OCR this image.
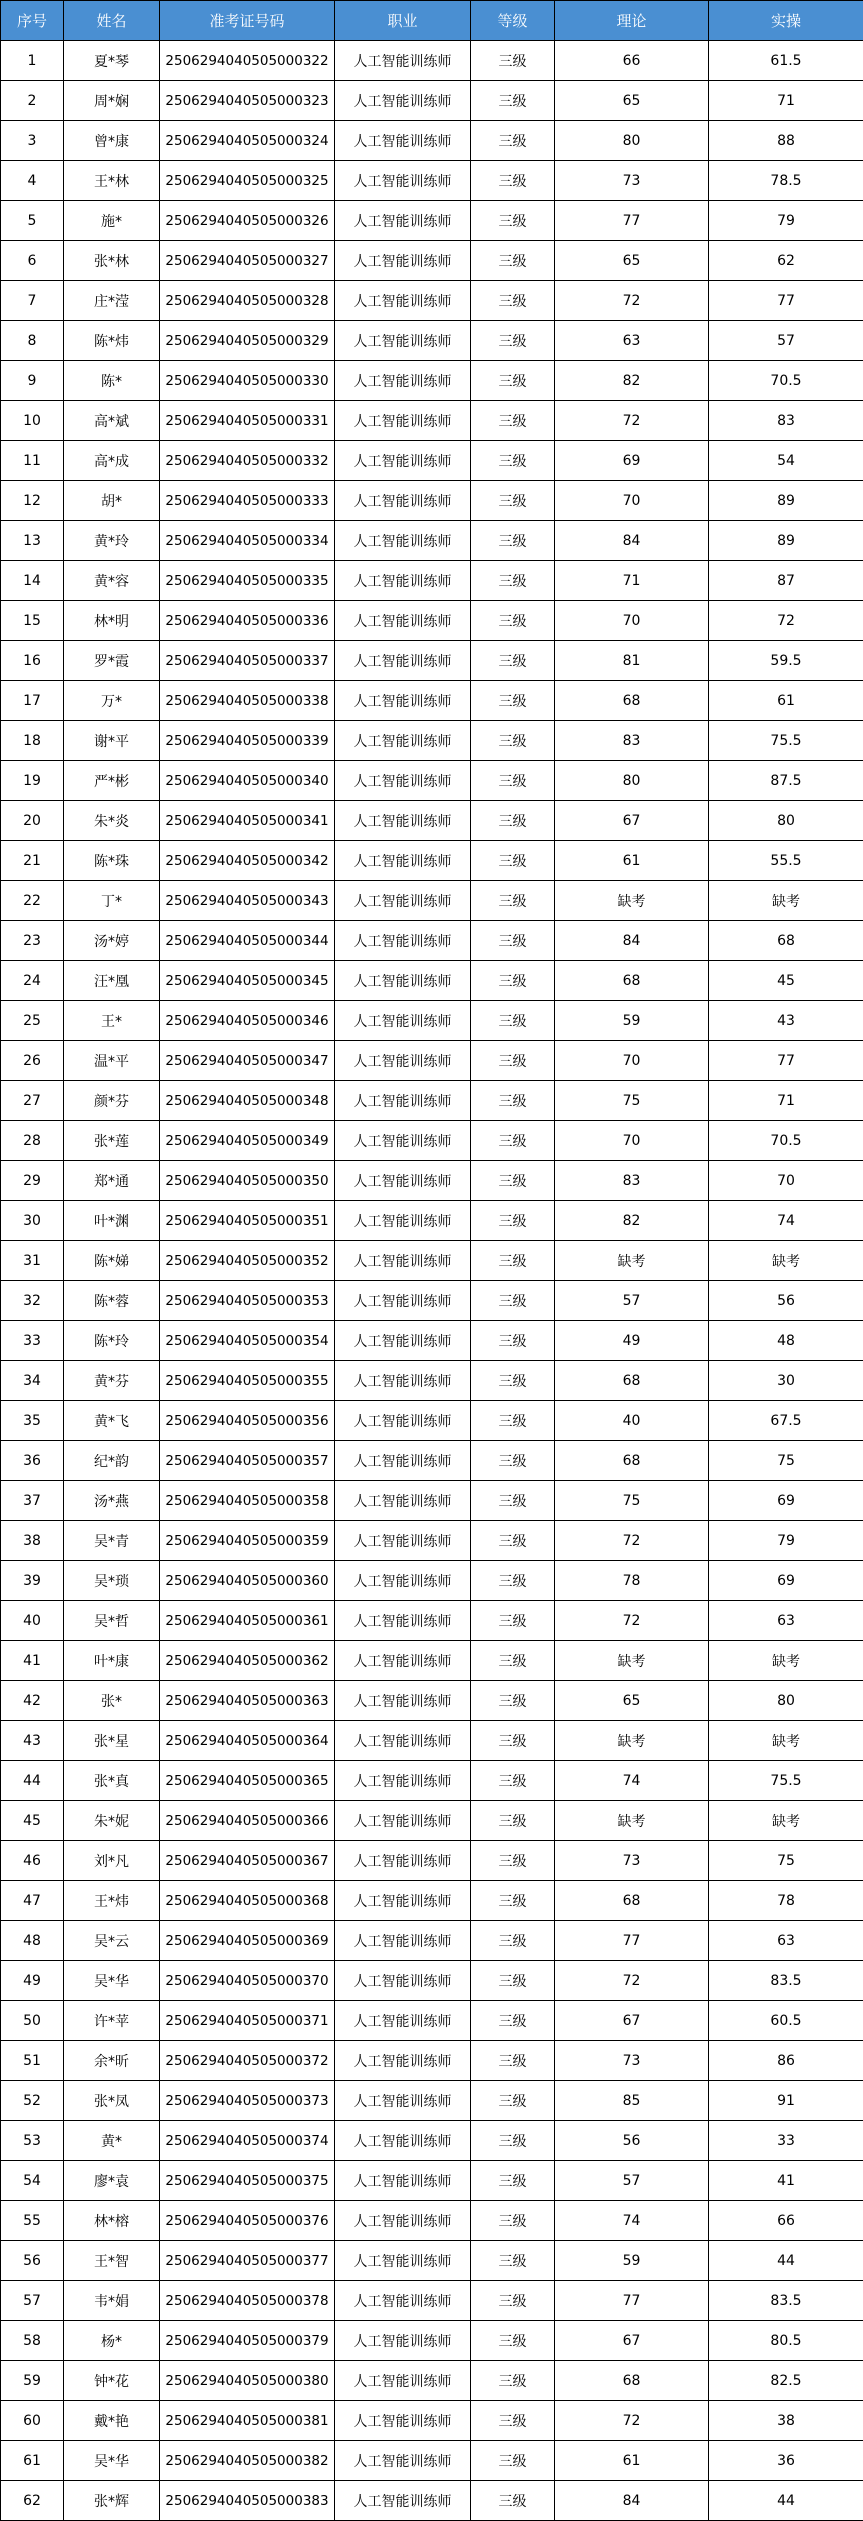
序号	姓名	准考证号码	职业	等级	理论	实操
1	夏*琴	2506294040505000322	人工智能训练师	三级	66	61.5
2	周*娴	2506294040505000323	人工智能训练师	三级	65	71
3	曾*康	2506294040505000324	人工智能训练师	三级	80	88
4	王*林	2506294040505000325	人工智能训练师	三级	73	78.5
5	施*	2506294040505000326	人工智能训练师	三级	77	79
6	张*林	2506294040505000327	人工智能训练师	三级	65	62
7	庄*滢	2506294040505000328	人工智能训练师	三级	72	77
8	陈*炜	2506294040505000329	人工智能训练师	三级	63	57
9	陈*	2506294040505000330	人工智能训练师	三级	82	70.5
10	高*斌	2506294040505000331	人工智能训练师	三级	72	83
11	高*成	2506294040505000332	人工智能训练师	三级	69	54
12	胡*	2506294040505000333	人工智能训练师	三级	70	89
13	黄*玲	2506294040505000334	人工智能训练师	三级	84	89
14	黄*容	2506294040505000335	人工智能训练师	三级	71	87
15	林*明	2506294040505000336	人工智能训练师	三级	70	72
16	罗*霞	2506294040505000337	人工智能训练师	三级	81	59.5
17	万*	2506294040505000338	人工智能训练师	三级	68	61
18	谢*平	2506294040505000339	人工智能训练师	三级	83	75.5
19	严*彬	2506294040505000340	人工智能训练师	三级	80	87.5
20	朱*炎	2506294040505000341	人工智能训练师	三级	67	80
21	陈*珠	2506294040505000342	人工智能训练师	三级	61	55.5
22	丁*	2506294040505000343	人工智能训练师	三级	缺考	缺考
23	汤*婷	2506294040505000344	人工智能训练师	三级	84	68
24	汪*凰	2506294040505000345	人工智能训练师	三级	68	45
25	王*	2506294040505000346	人工智能训练师	三级	59	43
26	温*平	2506294040505000347	人工智能训练师	三级	70	77
27	颜*芬	2506294040505000348	人工智能训练师	三级	75	71
28	张*莲	2506294040505000349	人工智能训练师	三级	70	70.5
29	郑*通	2506294040505000350	人工智能训练师	三级	83	70
30	叶*渊	2506294040505000351	人工智能训练师	三级	82	74
31	陈*娣	2506294040505000352	人工智能训练师	三级	缺考	缺考
32	陈*蓉	2506294040505000353	人工智能训练师	三级	57	56
33	陈*玲	2506294040505000354	人工智能训练师	三级	49	48
34	黄*芬	2506294040505000355	人工智能训练师	三级	68	30
35	黄*飞	2506294040505000356	人工智能训练师	三级	40	67.5
36	纪*韵	2506294040505000357	人工智能训练师	三级	68	75
37	汤*燕	2506294040505000358	人工智能训练师	三级	75	69
38	吴*青	2506294040505000359	人工智能训练师	三级	72	79
39	吴*琐	2506294040505000360	人工智能训练师	三级	78	69
40	吴*哲	2506294040505000361	人工智能训练师	三级	72	63
41	叶*康	2506294040505000362	人工智能训练师	三级	缺考	缺考
42	张*	2506294040505000363	人工智能训练师	三级	65	80
43	张*星	2506294040505000364	人工智能训练师	三级	缺考	缺考
44	张*真	2506294040505000365	人工智能训练师	三级	74	75.5
45	朱*妮	2506294040505000366	人工智能训练师	三级	缺考	缺考
46	刘*凡	2506294040505000367	人工智能训练师	三级	73	75
47	王*炜	2506294040505000368	人工智能训练师	三级	68	78
48	吴*云	2506294040505000369	人工智能训练师	三级	77	63
49	吴*华	2506294040505000370	人工智能训练师	三级	72	83.5
50	许*苹	2506294040505000371	人工智能训练师	三级	67	60.5
51	余*昕	2506294040505000372	人工智能训练师	三级	73	86
52	张*凤	2506294040505000373	人工智能训练师	三级	85	91
53	黄*	2506294040505000374	人工智能训练师	三级	56	33
54	廖*袁	2506294040505000375	人工智能训练师	三级	57	41
55	林*榕	2506294040505000376	人工智能训练师	三级	74	66
56	王*智	2506294040505000377	人工智能训练师	三级	59	44
57	韦*娟	2506294040505000378	人工智能训练师	三级	77	83.5
58	杨*	2506294040505000379	人工智能训练师	三级	67	80.5
59	钟*花	2506294040505000380	人工智能训练师	三级	68	82.5
60	戴*艳	2506294040505000381	人工智能训练师	三级	72	38
61	吴*华	2506294040505000382	人工智能训练师	三级	61	36
62	张*辉	2506294040505000383	人工智能训练师	三级	84	44
